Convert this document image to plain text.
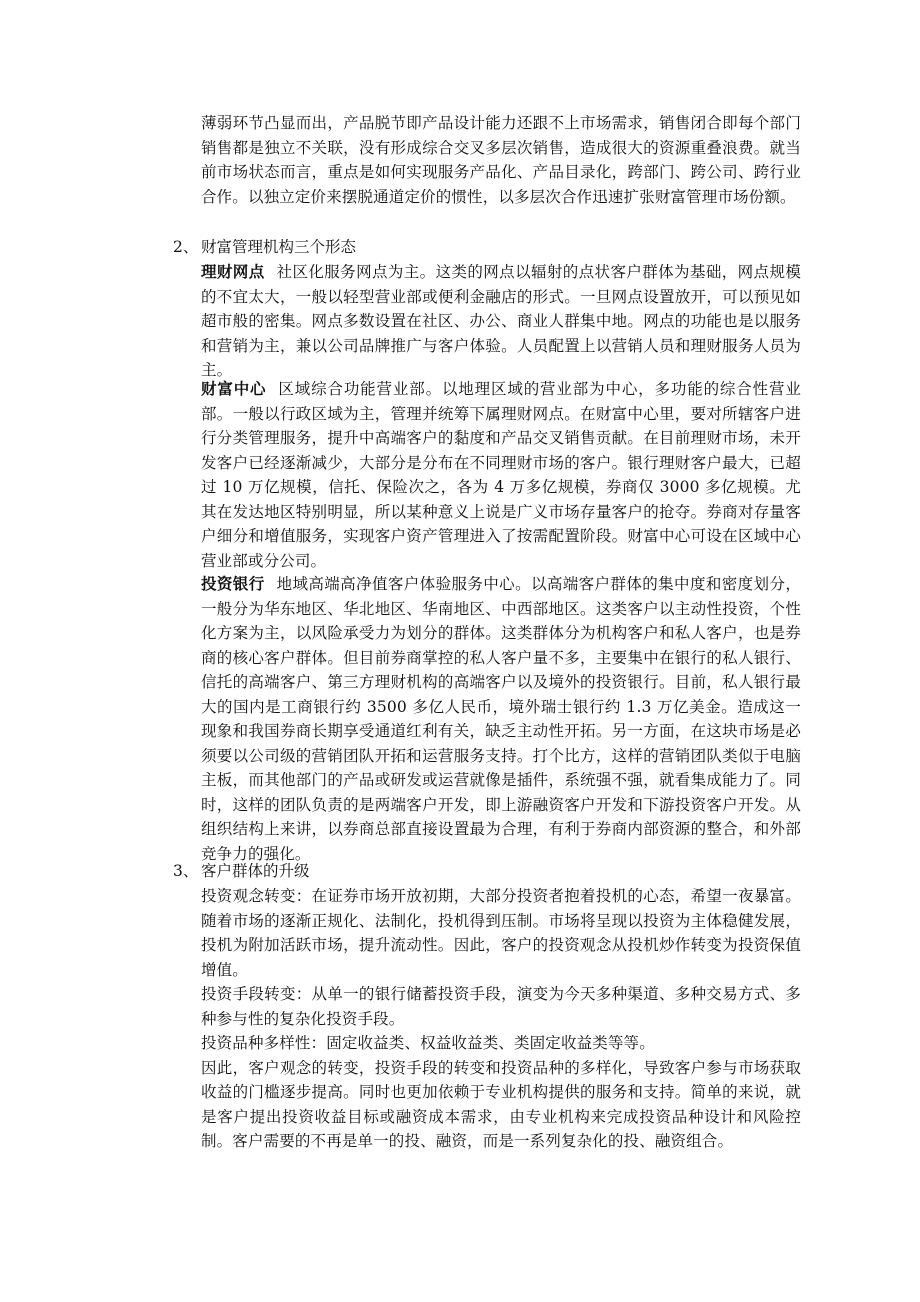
薄弱环节凸显而出，产品脱节即产品设计能力还跟不上市场需求，销售闭合即每个部门销售都是独立不关联，没有形成综合交叉多层次销售，造成很大的资源重叠浪费。就当前市场状态而言，重点是如何实现服务产品化、产品目录化，跨部门、跨公司、跨行业合作。以独立定价来摆脱通道定价的惯性，以多层次合作迅速扩张财富管理市场份额。

2、 财富管理机构三个形态

理财网点 社区化服务网点为主。这类的网点以辐射的点状客户群体为基础，网点规模的不宜太大，一般以轻型营业部或便利金融店的形式。一旦网点设置放开，可以预见如超市般的密集。网点多数设置在社区、办公、商业人群集中地。网点的功能也是以服务和营销为主，兼以公司品牌推广与客户体验。人员配置上以营销人员和理财服务人员为主。

财富中心 区域综合功能营业部。以地理区域的营业部为中心，多功能的综合性营业部。一般以行政区域为主，管理并统筹下属理财网点。在财富中心里，要对所辖客户进行分类管理服务，提升中高端客户的黏度和产品交叉销售贡献。在目前理财市场，未开发客户已经逐渐减少，大部分是分布在不同理财市场的客户。银行理财客户最大，已超过 10 万亿规模，信托、保险次之，各为 4 万多亿规模，券商仅 3000 多亿规模。尤其在发达地区特别明显，所以某种意义上说是广义市场存量客户的抢夺。券商对存量客户细分和增值服务，实现客户资产管理进入了按需配置阶段。财富中心可设在区域中心营业部或分公司。

投资银行 地域高端高净值客户体验服务中心。以高端客户群体的集中度和密度划分，一般分为华东地区、华北地区、华南地区、中西部地区。这类客户以主动性投资，个性化方案为主，以风险承受力为划分的群体。这类群体分为机构客户和私人客户，也是券商的核心客户群体。但目前券商掌控的私人客户量不多，主要集中在银行的私人银行、信托的高端客户、第三方理财机构的高端客户以及境外的投资银行。目前，私人银行最大的国内是工商银行约 3500 多亿人民币，境外瑞士银行约 1.3 万亿美金。造成这一现象和我国券商长期享受通道红利有关，缺乏主动性开拓。另一方面，在这块市场是必须要以公司级的营销团队开拓和运营服务支持。打个比方，这样的营销团队类似于电脑主板，而其他部门的产品或研发或运营就像是插件，系统强不强，就看集成能力了。同时，这样的团队负责的是两端客户开发，即上游融资客户开发和下游投资客户开发。从组织结构上来讲，以券商总部直接设置最为合理，有利于券商内部资源的整合，和外部竞争力的强化。

3、 客户群体的升级

投资观念转变：在证券市场开放初期，大部分投资者抱着投机的心态，希望一夜暴富。随着市场的逐渐正规化、法制化，投机得到压制。市场将呈现以投资为主体稳健发展，投机为附加活跃市场，提升流动性。因此，客户的投资观念从投机炒作转变为投资保值增值。

投资手段转变：从单一的银行储蓄投资手段，演变为今天多种渠道、多种交易方式、多种参与性的复杂化投资手段。

投资品种多样性：固定收益类、权益收益类、类固定收益类等等。

因此，客户观念的转变，投资手段的转变和投资品种的多样化，导致客户参与市场获取收益的门槛逐步提高。同时也更加依赖于专业机构提供的服务和支持。简单的来说，就是客户提出投资收益目标或融资成本需求，由专业机构来完成投资品种设计和风险控制。客户需要的不再是单一的投、融资，而是一系列复杂化的投、融资组合。
